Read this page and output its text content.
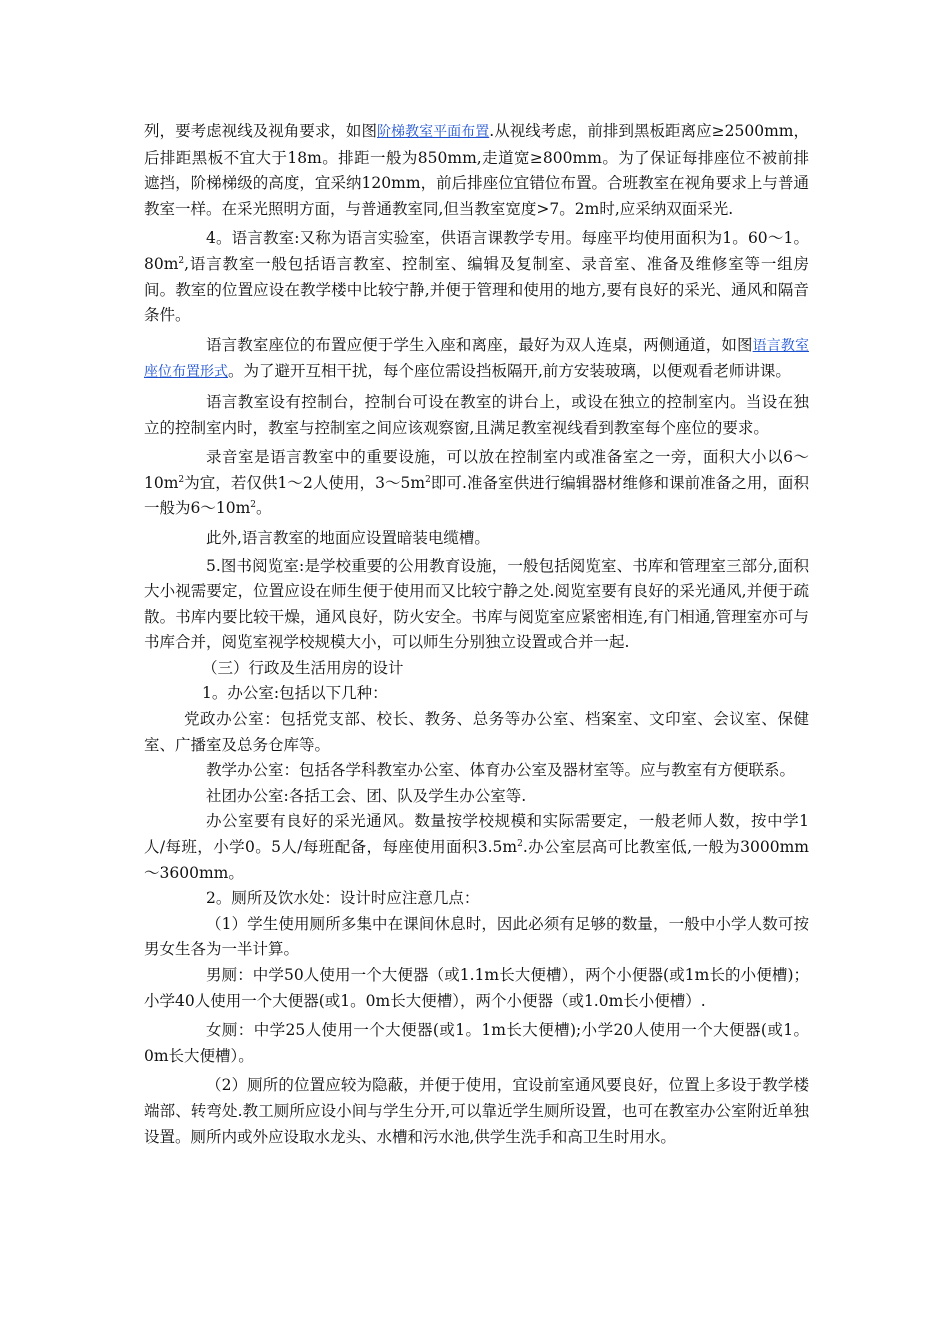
列，要考虑视线及视角要求，如图阶梯教室平面布置.从视线考虑，前排到黑板距离应≥2500mm，后排距黑板不宜大于18m。排距一般为850mm,走道宽≥800mm。为了保证每排座位不被前排遮挡，阶梯梯级的高度，宜采纳120mm，前后排座位宜错位布置。合班教室在视角要求上与普通教室一样。在采光照明方面，与普通教室同,但当教室宽度>7。2m时,应采纳双面采光.

4。语言教室:又称为语言实验室，供语言课教学专用。每座平均使用面积为1。60～1。$80m^2$,语言教室一般包括语言教室、控制室、编辑及复制室、录音室、准备及维修室等一组房间。教室的位置应设在教学楼中比较宁静,并便于管理和使用的地方,要有良好的采光、通风和隔音条件。

语言教室座位的布置应便于学生入座和离座，最好为双人连桌，两侧通道，如图语言教室座位布置形式。为了避开互相干扰，每个座位需设挡板隔开,前方安装玻璃，以便观看老师讲课。

语言教室设有控制台，控制台可设在教室的讲台上，或设在独立的控制室内。当设在独立的控制室内时，教室与控制室之间应该观察窗,且满足教室视线看到教室每个座位的要求。

录音室是语言教室中的重要设施，可以放在控制室内或准备室之一旁，面积大小以$6\sim 10m^2$为宜，若仅供1～2人使用，$3\sim 5m^2$即可.准备室供进行编辑器材维修和课前准备之用，面积一般为$6\sim 10m^2$。

此外,语言教室的地面应设置暗装电缆槽。

5.图书阅览室:是学校重要的公用教育设施，一般包括阅览室、书库和管理室三部分,面积大小视需要定，位置应设在师生便于使用而又比较宁静之处.阅览室要有良好的采光通风,并便于疏散。书库内要比较干燥，通风良好，防火安全。书库与阅览室应紧密相连,有门相通,管理室亦可与书库合并，阅览室视学校规模大小，可以师生分别独立设置或合并一起.

（三）行政及生活用房的设计

1。办公室:包括以下几种：

党政办公室：包括党支部、校长、教务、总务等办公室、档案室、文印室、会议室、保健室、广播室及总务仓库等。

教学办公室：包括各学科教室办公室、体育办公室及器材室等。应与教室有方便联系。

社团办公室:各括工会、团、队及学生办公室等.

办公室要有良好的采光通风。数量按学校规模和实际需要定，一般老师人数，按中学1人/每班，小学0。5人/每班配备，每座使用面积$3.5m^2$.办公室层高可比教室低,一般为3000mm～3600mm。

2。厕所及饮水处：设计时应注意几点：

（1）学生使用厕所多集中在课间休息时，因此必须有足够的数量，一般中小学人数可按男女生各为一半计算。

男厕：中学50人使用一个大便器（或1.1m长大便槽），两个小便器(或1m长的小便槽)；小学40人使用一个大便器(或1。0m长大便槽），两个小便器（或1.0m长小便槽）.

女厕：中学25人使用一个大便器(或1。1m长大便槽);小学20人使用一个大便器(或1。0m长大便槽）。

（2）厕所的位置应较为隐蔽，并便于使用，宜设前室通风要良好，位置上多设于教学楼端部、转弯处.教工厕所应设小间与学生分开,可以靠近学生厕所设置，也可在教室办公室附近单独设置。厕所内或外应设取水龙头、水槽和污水池,供学生洗手和高卫生时用水。
